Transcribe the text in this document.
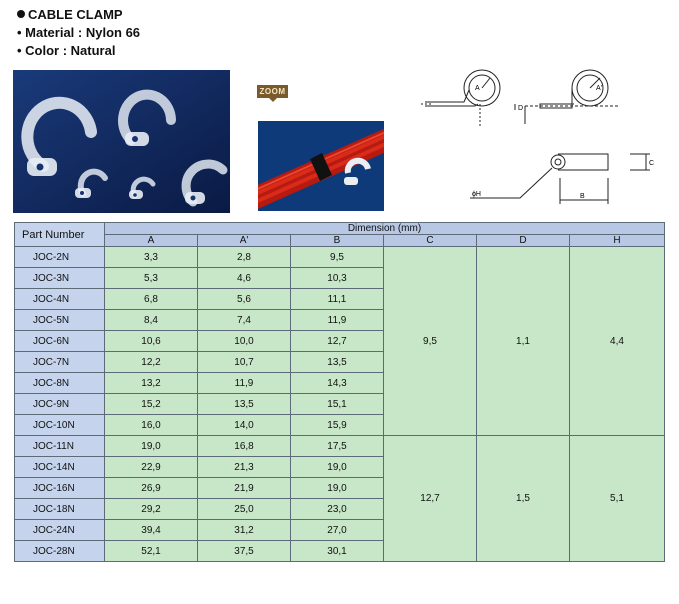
CABLE CLAMP
• Material : Nylon 66
• Color : Natural
ZOOM	A	A'
D
C
B
ϕH
Part Number	Dimension (mm)					
	A	A'	B	C	D	H
JOC-2N	3,3	2,8	9,5	9,5	1,1	4,4
JOC-3N	5,3	4,6	10,3			
JOC-4N	6,8	5,6	11,1			
JOC-5N	8,4	7,4	11,9			
JOC-6N	10,6	10,0	12,7			
JOC-7N	12,2	10,7	13,5			
JOC-8N	13,2	11,9	14,3			
JOC-9N	15,2	13,5	15,1			
JOC-10N	16,0	14,0	15,9			
JOC-11N	19,0	16,8	17,5	12,7	1,5	5,1
JOC-14N	22,9	21,3	19,0			
JOC-16N	26,9	21,9	19,0			
JOC-18N	29,2	25,0	23,0			
JOC-24N	39,4	31,2	27,0			
JOC-28N	52,1	37,5	30,1			
